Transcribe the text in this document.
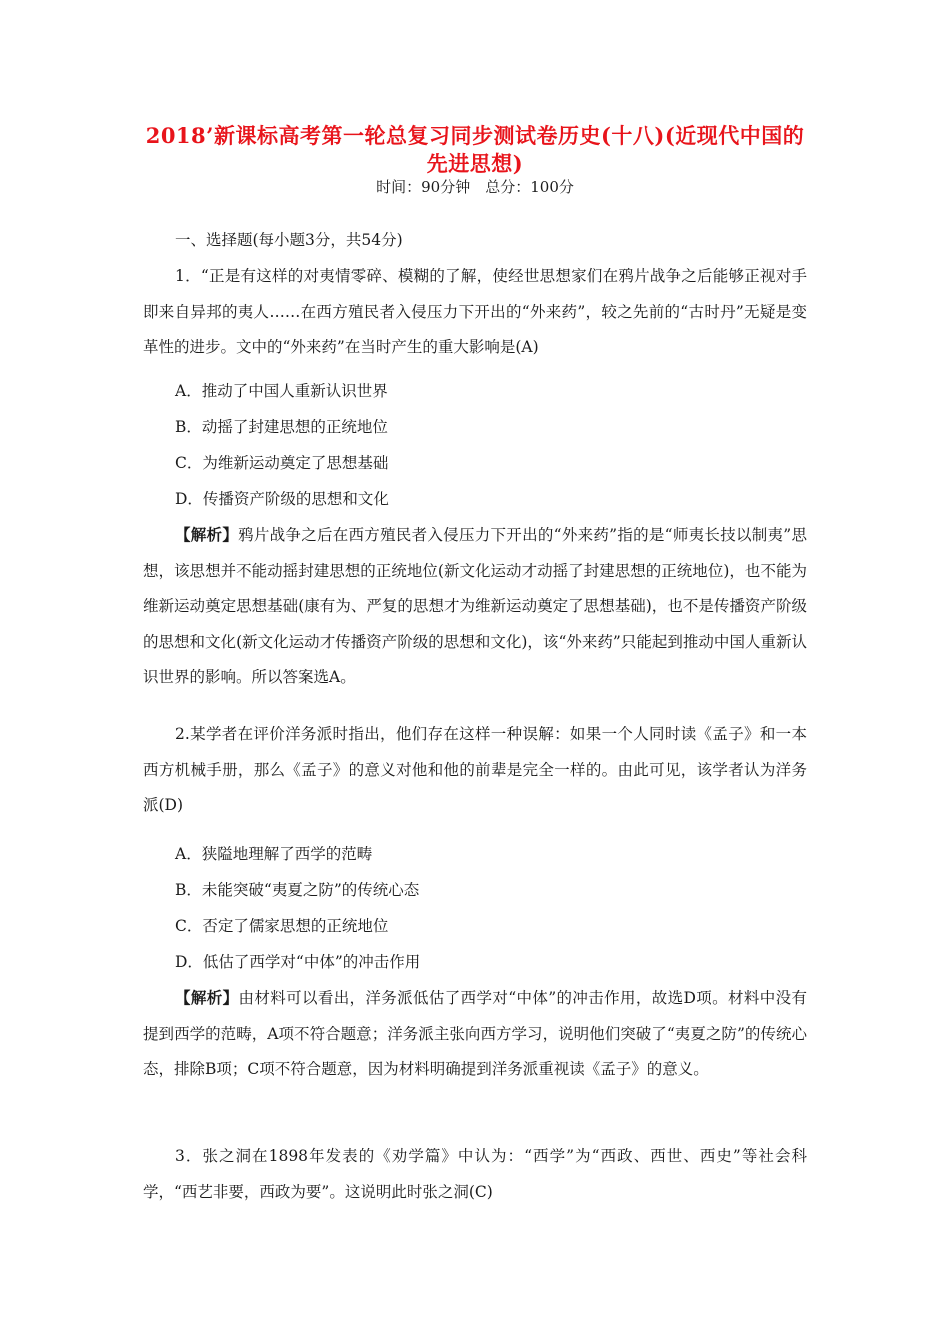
2018’新课标高考第一轮总复习同步测试卷历史(十八)(近现代中国的先进思想)
时间：90分钟　总分：100分
一、选择题(每小题3分，共54分)
1．“正是有这样的对夷情零碎、模糊的了解，使经世思想家们在鸦片战争之后能够正视对手即来自异邦的夷人……在西方殖民者入侵压力下开出的“外来药”，较之先前的“古时丹”无疑是变革性的进步。文中的“外来药”在当时产生的重大影响是(A)
A．推动了中国人重新认识世界
B．动摇了封建思想的正统地位
C．为维新运动奠定了思想基础
D．传播资产阶级的思想和文化
【解析】鸦片战争之后在西方殖民者入侵压力下开出的“外来药”指的是“师夷长技以制夷”思想，该思想并不能动摇封建思想的正统地位(新文化运动才动摇了封建思想的正统地位)，也不能为维新运动奠定思想基础(康有为、严复的思想才为维新运动奠定了思想基础)，也不是传播资产阶级的思想和文化(新文化运动才传播资产阶级的思想和文化)，该“外来药”只能起到推动中国人重新认识世界的影响。所以答案选A。
2.某学者在评价洋务派时指出，他们存在这样一种误解：如果一个人同时读《孟子》和一本西方机械手册，那么《孟子》的意义对他和他的前辈是完全一样的。由此可见，该学者认为洋务派(D)
A．狭隘地理解了西学的范畴
B．未能突破“夷夏之防”的传统心态
C．否定了儒家思想的正统地位
D．低估了西学对“中体”的冲击作用
【解析】由材料可以看出，洋务派低估了西学对“中体”的冲击作用，故选D项。材料中没有提到西学的范畴，A项不符合题意；洋务派主张向西方学习，说明他们突破了“夷夏之防”的传统心态，排除B项；C项不符合题意，因为材料明确提到洋务派重视读《孟子》的意义。
3．张之洞在1898年发表的《劝学篇》中认为：“西学”为“西政、西世、西史”等社会科学，“西艺非要，西政为要”。这说明此时张之洞(C)
